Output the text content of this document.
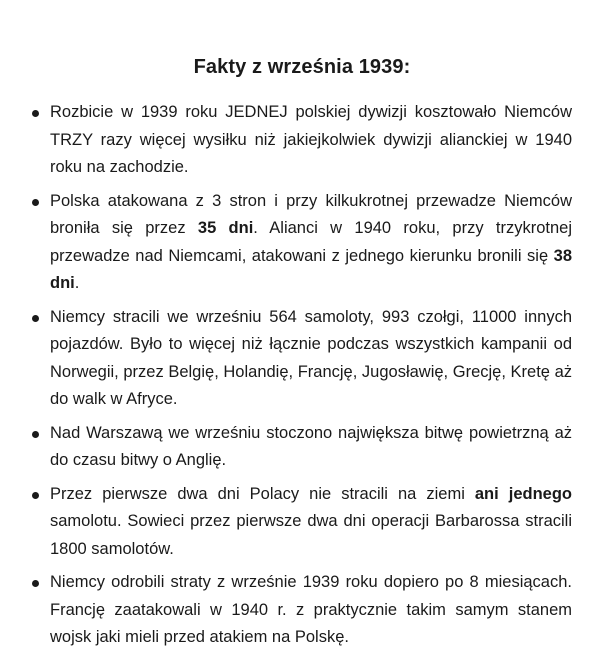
Fakty z września 1939:
Rozbicie w 1939 roku JEDNEJ polskiej dywizji kosztowało Niemców TRZY razy więcej wysiłku niż jakiejkolwiek dywizji alianckiej w 1940 roku na zachodzie.
Polska atakowana z 3 stron i przy kilkukrotnej przewadze Niemców broniła się przez 35 dni. Alianci w 1940 roku, przy trzykrotnej przewadze nad Niemcami, atakowani z jednego kierunku bronili się 38 dni.
Niemcy stracili we wrześniu 564 samoloty, 993 czołgi, 11000 innych pojazdów. Było to więcej niż łącznie podczas wszystkich kampanii od Norwegii, przez Belgię, Holandię, Francję, Jugosławię, Grecję, Kretę aż do walk w Afryce.
Nad Warszawą we wrześniu stoczono największa bitwę powietrzną aż do czasu bitwy o Anglię.
Przez pierwsze dwa dni Polacy nie stracili na ziemi ani jednego samolotu. Sowieci przez pierwsze dwa dni operacji Barbarossa stracili 1800 samolotów.
Niemcy odrobili straty z wrześnie 1939 roku dopiero po 8 miesiącach. Francję zaatakowali w 1940 r. z praktycznie takim samym stanem wojsk jaki mieli przed atakiem na Polskę.
